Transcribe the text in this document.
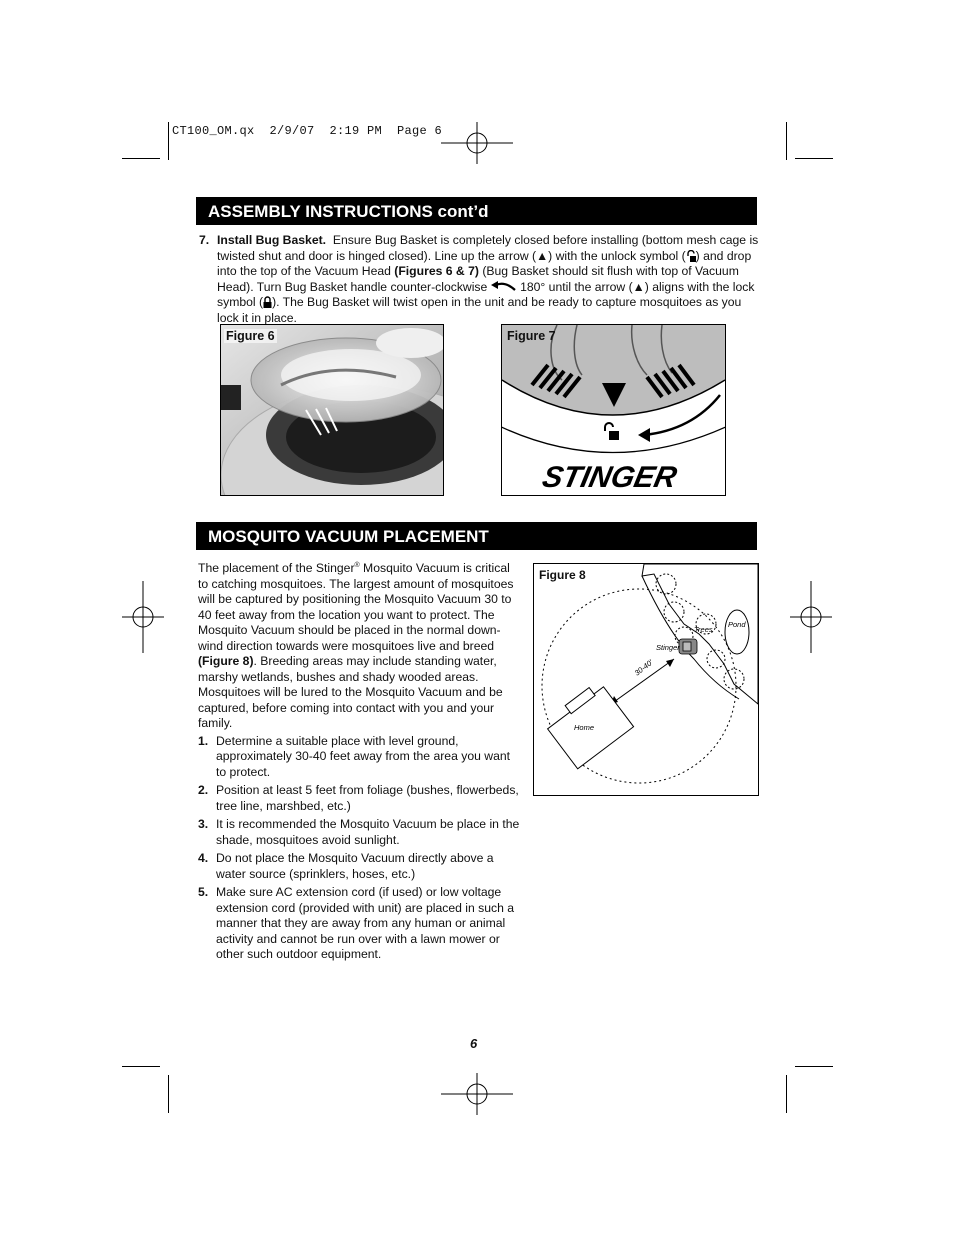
CT100_OM.qx  2/9/07  2:19 PM  Page 6
ASSEMBLY INSTRUCTIONS cont’d
7. Install Bug Basket. Ensure Bug Basket is completely closed before installing (bottom mesh cage is twisted shut and door is hinged closed). Line up the arrow (▲) with the unlock symbol ( ) and drop into the top of the Vacuum Head (Figures 6 & 7) (Bug Basket should sit flush with top of Vacuum Head). Turn Bug Basket handle counter-clockwise	180° until the arrow (▲) aligns with the lock symbol ( ). The Bug Basket will twist open in the unit and be ready to capture mosquitoes as you lock it in place.
Figure 6
STINGER
Figure 7
MOSQUITO VACUUM PLACEMENT
The placement of the Stinger® Mosquito Vacuum is critical to catching mosquitoes. The largest amount of mosquitoes will be captured by positioning the Mosquito Vacuum 30 to 40 feet away from the location you want to protect. The Mosquito Vacuum should be placed in the normal down-wind direction towards were mosquitoes live and breed (Figure 8). Breeding areas may include standing water, marshy wetlands, bushes and shady wooded areas. Mosquitoes will be lured to the Mosquito Vacuum and be captured, before coming into contact with you and your family.
1. Determine a suitable place with level ground, approximately 30-40 feet away from the area you want to protect.
2. Position at least 5 feet from foliage (bushes, flowerbeds, tree line, marshbed, etc.)
3. It is recommended the Mosquito Vacuum be place in the shade, mosquitoes avoid sunlight.
4. Do not place the Mosquito Vacuum directly above a water source (sprinklers, hoses, etc.)
5. Make sure AC extension cord (if used) or low voltage extension cord (provided with unit) are placed in such a manner that they are away from any human or animal activity and cannot be run over with a lawn mower or other such outdoor equipment.
Trees
Pond
Stinger
30-40'
Home
Figure 8
6
